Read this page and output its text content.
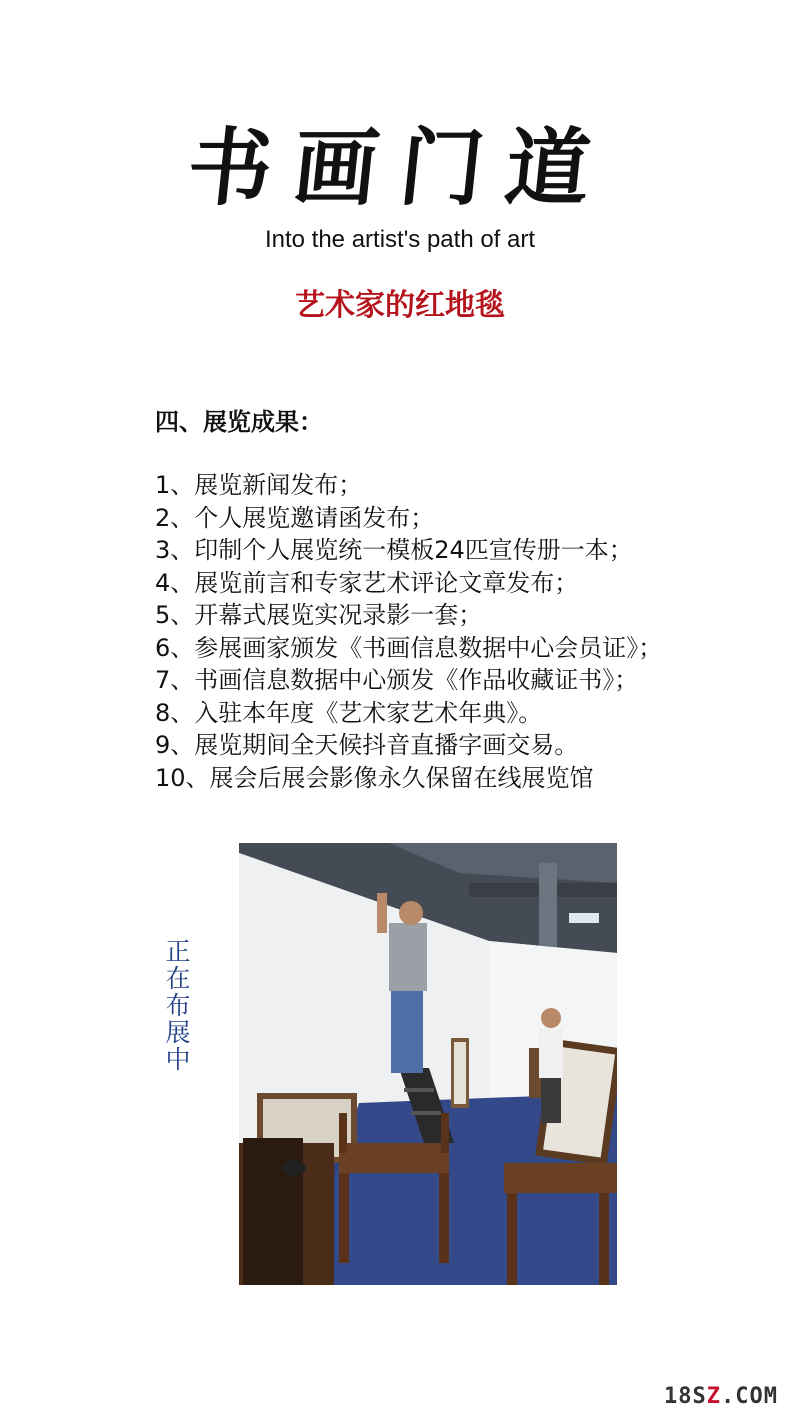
书画门道
Into the artist's path of art
艺术家的红地毯
四、展览成果：
1、展览新闻发布；
2、个人展览邀请函发布；
3、印制个人展览统一模板24匹宣传册一本；
4、展览前言和专家艺术评论文章发布；
5、开幕式展览实况录影一套；
6、参展画家颁发《书画信息数据中心会员证》；
7、书画信息数据中心颁发《作品收藏证书》；
8、入驻本年度《艺术家艺术年典》。
9、展览期间全天候抖音直播字画交易。
10、展会后展会影像永久保留在线展览馆
正在布展中
18SZ.COM
